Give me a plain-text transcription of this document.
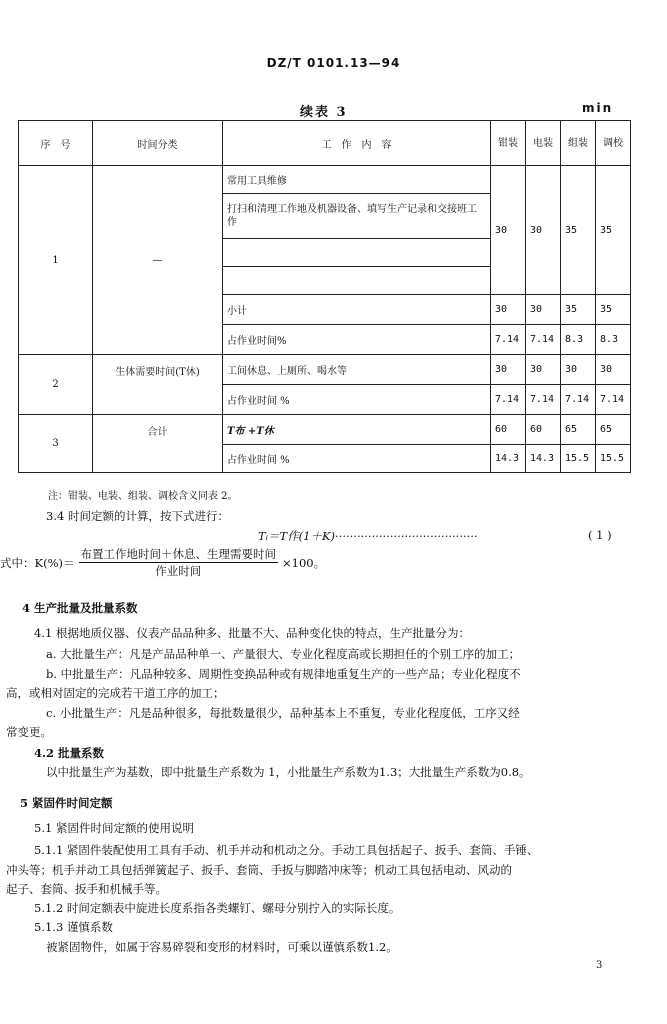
DZ/T 0101.13—94
续表 3	min
序　号	时间分类	工　作　内　容	钳装	电装	组装	调校
1	—	常用工具维修	30	30	35	35
		打扫和清理工作地及机器设备、填写生产记录和交接班工作				

		小计	30	30	35	35
		占作业时间%	7.14	7.14	8.3	8.3
2	生体需要时间(T休)	工间休息、上厕所、喝水等	30	30	30	30
		占作业时间 %	7.14	7.14	7.14	7.14
3	合计	T布 +T休	60	60	65	65
		占作业时间 %	14.3	14.3	15.5	15.5
注：钳装、电装、组装、调校含义同表 2。
3.4 时间定额的计算，按下式进行：
Tᵢ＝T作(1＋K)·······································	( 1 )
式中：$K(\%)= \frac{\text{布置工作地时间＋休息、生理需要时间}}{\text{作业时间}} \times 100$。
4 生产批量及批量系数
4.1 根据地质仪器、仪表产品品种多、批量不大、品种变化快的特点，生产批量分为：
a. 大批量生产：凡是产品品种单一、产量很大、专业化程度高或长期担任的个别工序的加工；
b. 中批量生产：凡品种较多、周期性变换品种或有规律地重复生产的一些产品；专业化程度不
高，或相对固定的完成若干道工序的加工；
c. 小批量生产：凡是品种很多，每批数量很少，品种基本上不重复，专业化程度低，工序又经
常变更。
4.2 批量系数
以中批量生产为基数，即中批量生产系数为 1，小批量生产系数为1.3；大批量生产系数为0.8。
5 紧固件时间定额
5.1 紧固件时间定额的使用说明
5.1.1 紧固件装配使用工具有手动、机手并动和机动之分。手动工具包括起子、扳手、套筒、手锤、
冲头等；机手并动工具包括弹簧起子、扳手、套筒、手扳与脚踏冲床等；机动工具包括电动、风动的
起子、套筒、扳手和机械手等。
5.1.2 时间定额表中旋进长度系指各类螺钉、螺母分别拧入的实际长度。
5.1.3 谨慎系数
被紧固物件，如属于容易碎裂和变形的材料时，可乘以谨慎系数1.2。
3
